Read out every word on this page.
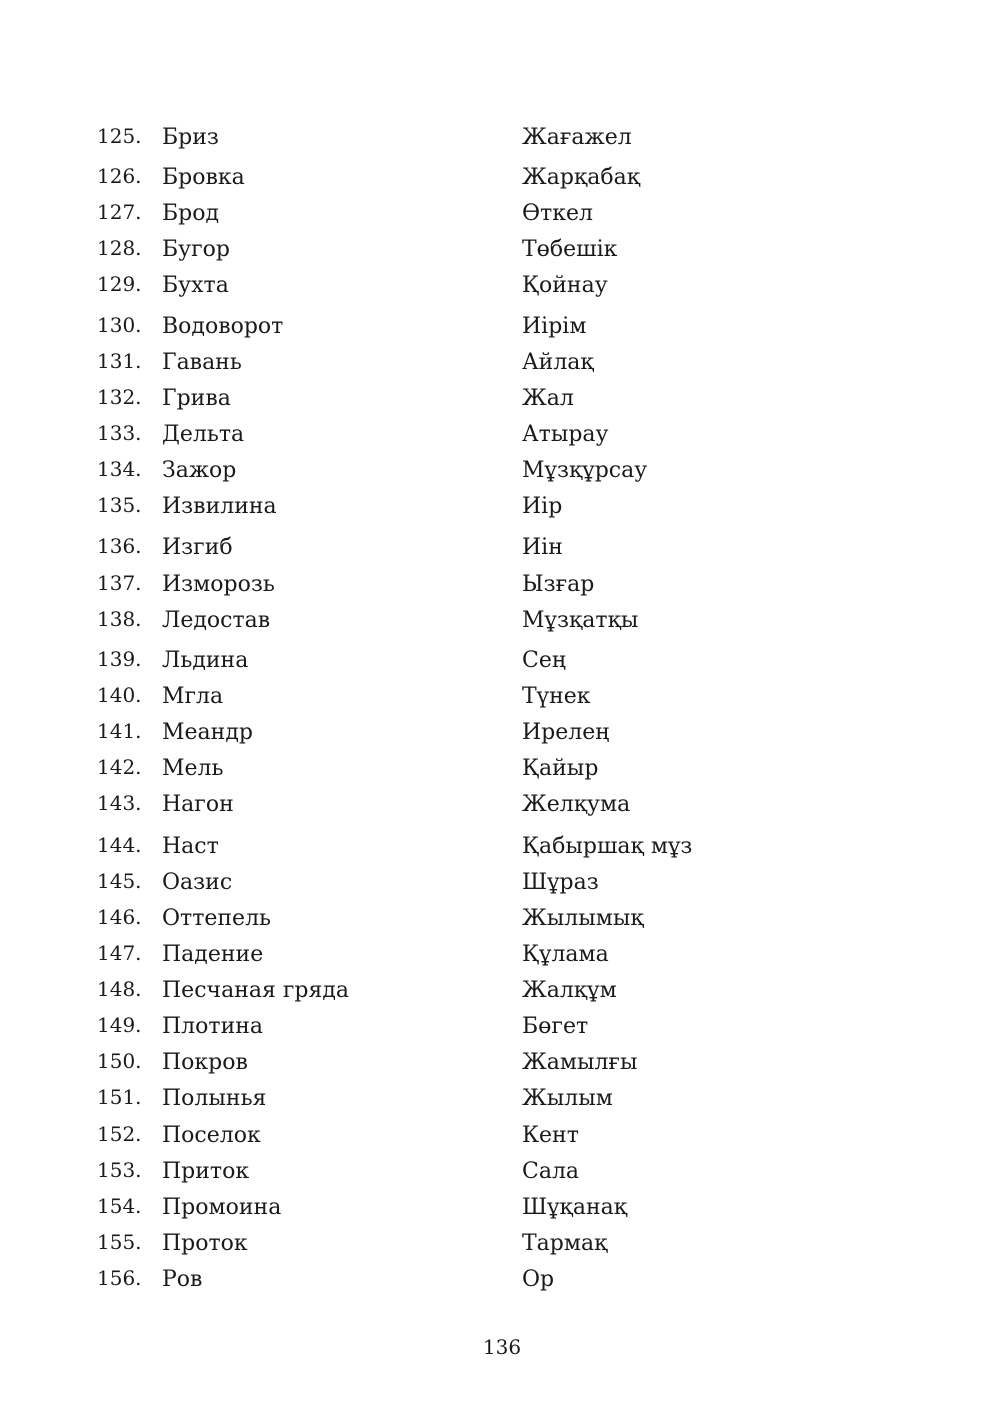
125. Бриз	Жағажел
126. Бровка	Жарқабақ
127. Брод	Өткел
128. Бугор	Төбешік
129. Бухта	Қойнау
130. Водоворот	Иірім
131. Гавань	Айлақ
132. Грива	Жал
133. Дельта	Атырау
134. Зажор	Мұзқұрсау
135. Извилина	Иір
136. Изгиб	Иін
137. Изморозь	Ызғар
138. Ледостав	Мұзқатқы
139. Льдина	Сең
140. Мгла	Түнек
141. Меандр	Ирелең
142. Мель	Қайыр
143. Нагон	Желқума
144. Наст	Қабыршақ мұз
145. Оазис	Шұраз
146. Оттепель	Жылымық
147. Падение	Құлама
148. Песчаная гряда	Жалқұм
149. Плотина	Бөгет
150. Покров	Жамылғы
151. Полынья	Жылым
152. Поселок	Кент
153. Приток	Сала
154. Промоина	Шұқанақ
155. Проток	Тармақ
156. Ров	Ор
136
